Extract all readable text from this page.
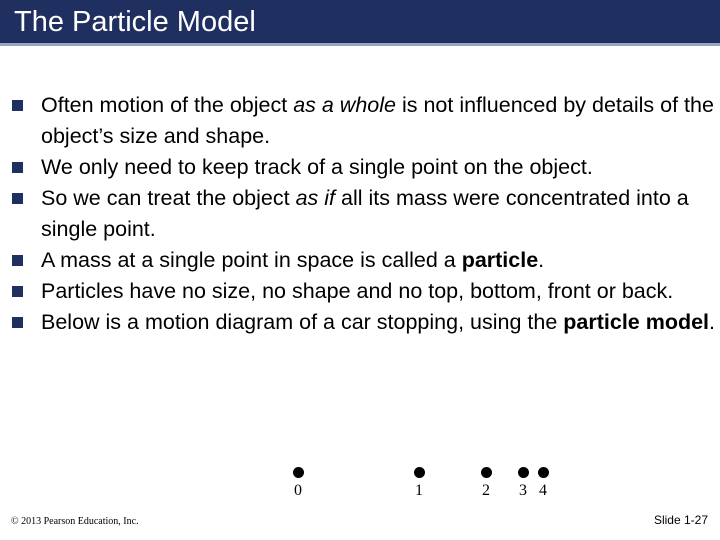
The Particle Model
Often motion of the object as a whole is not influenced by details of the object’s size and shape.
We only need to keep track of a single point on the object.
So we can treat the object as if all its mass were concentrated into a single point.
A mass at a single point in space is called a particle.
Particles have no size, no shape and no top, bottom, front or back.
Below is a motion diagram of a car stopping, using the particle model.
0	1	2	3 4
© 2013 Pearson Education, Inc.	Slide 1-27
